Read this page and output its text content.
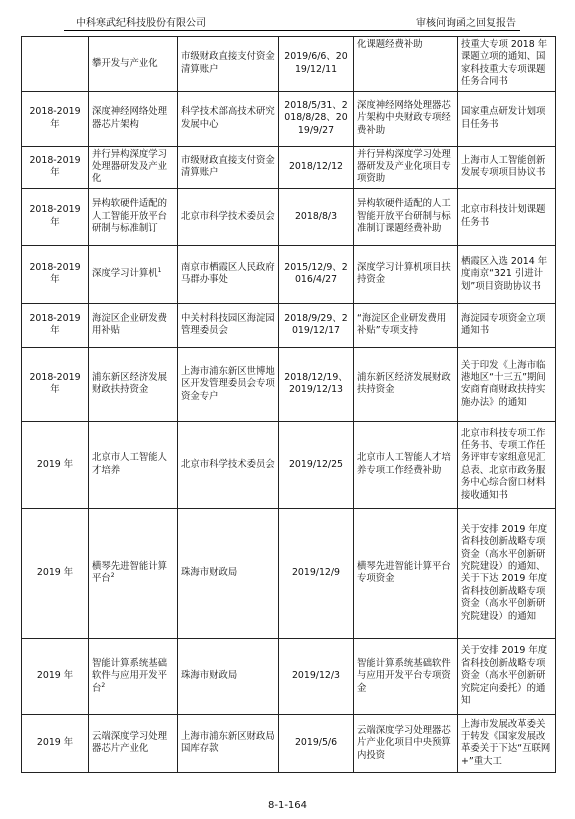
中科寒武纪科技股份有限公司	审核问询函之回复报告
	攀开发与产业化	市级财政直接支付资金清算账户	2019/6/6、2019/12/11	化课题经费补助	技重大专项 2018 年课题立项的通知、国家科技重大专项课题任务合同书
2018-2019 年	深度神经网络处理器芯片架构	科学技术部高技术研究发展中心	2018/5/31、2018/8/28、2019/9/27	深度神经网络处理器芯片架构中央财政专项经费补助	国家重点研发计划项目任务书
2018-2019 年	并行异构深度学习处理器研发及产业化	市级财政直接支付资金清算账户	2018/12/12	并行异构深度学习处理器研发及产业化项目专项资助	上海市人工智能创新发展专项项目协议书
2018-2019 年	异构软硬件适配的人工智能开放平台研制与标准制订	北京市科学技术委员会	2018/8/3	异构软硬件适配的人工智能开放平台研制与标准制订课题经费补助	北京市科技计划课题任务书
2018-2019 年	深度学习计算机$^1$	南京市栖霞区人民政府马群办事处	2015/12/9、2016/4/27	深度学习计算机项目扶持资金	栖霞区入选 2014 年度南京“321 引进计划”项目资助协议书
2018-2019 年	海淀区企业研发费用补贴	中关村科技园区海淀园管理委员会	2018/9/29、2019/12/17	“海淀区企业研发费用补贴”专项支持	海淀园专项资金立项通知书
2018-2019 年	浦东新区经济发展财政扶持资金	上海市浦东新区世博地区开发管理委员会专项资金专户	2018/12/19、2019/12/13	浦东新区经济发展财政扶持资金	关于印发《上海市临港地区“十三五”期间安商育商财政扶持实施办法》的通知
2019 年	北京市人工智能人才培养	北京市科学技术委员会	2019/12/25	北京市人工智能人才培养专项工作经费补助	北京市科技专项工作任务书、专项工作任务评审专家组意见汇总表、北京市政务服务中心综合窗口材料接收通知书
2019 年	横琴先进智能计算平台$^2$	珠海市财政局	2019/12/9	横琴先进智能计算平台专项资金	关于安排 2019 年度省科技创新战略专项资金（高水平创新研究院建设）的通知、关于下达 2019 年度省科技创新战略专项资金（高水平创新研究院建设）的通知
2019 年	智能计算系统基础软件与应用开发平台$^2$	珠海市财政局	2019/12/3	智能计算系统基础软件与应用开发平台专项资金	关于安排 2019 年度省科技创新战略专项资金（高水平创新研究院定向委托）的通知
2019 年	云端深度学习处理器芯片产业化	上海市浦东新区财政局国库存款	2019/5/6	云端深度学习处理器芯片产业化项目中央预算内投资	上海市发展改革委关于转发《国家发展改革委关于下达“互联网+”重大工
8-1-164
